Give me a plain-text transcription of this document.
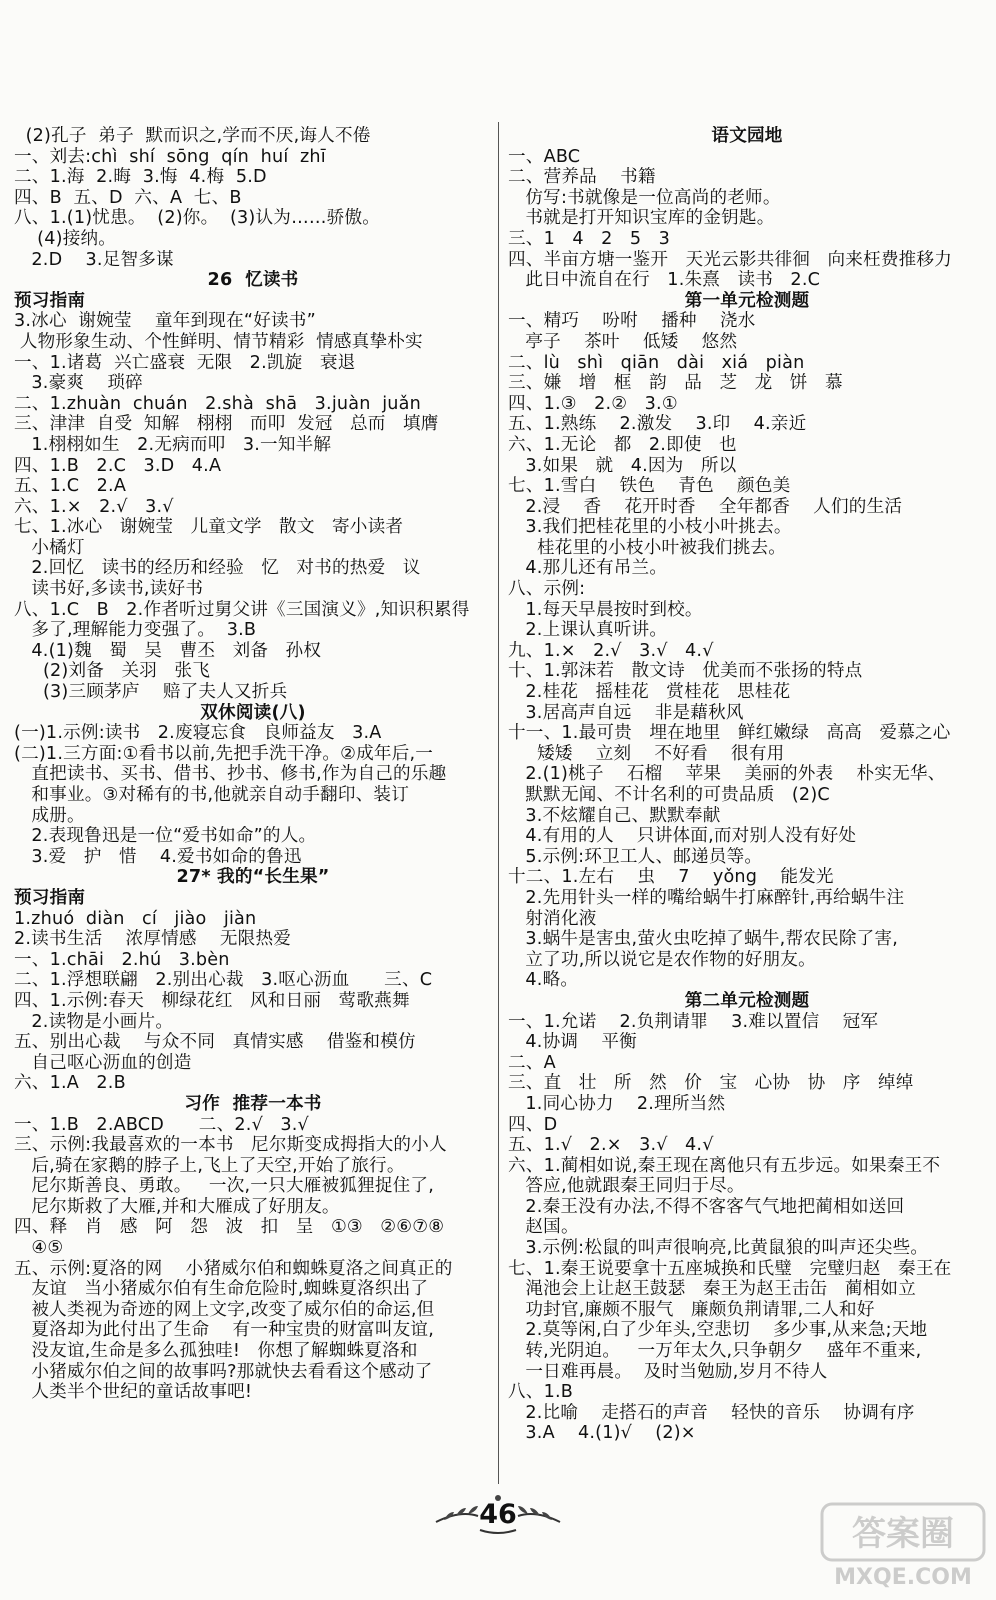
(2)孔子  弟子  默而识之,学而不厌,诲人不倦
一、刘去:chì  shí  sōng  qín  huí  zhī
二、1.海  2.晦  3.悔  4.梅  5.D
四、B  五、D  六、A  七、B
八、1.(1)忧患。  (2)你。  (3)认为……骄傲。
(4)接纳。
2.D    3.足智多谋
26  忆读书
预习指南
3.冰心  谢婉莹    童年到现在“好读书”
人物形象生动、个性鲜明、情节精彩  情感真挚朴实
一、1.诸葛  兴亡盛衰  无限   2.凯旋   衰退
3.豪爽    琐碎
二、1.zhuàn  chuán   2.shà  shā   3.juàn  juǎn
三、津津  自受  知解   栩栩   而叩  发冠   总而   填膺
1.栩栩如生   2.无病而叩   3.一知半解
四、1.B   2.C   3.D   4.A
五、1.C   2.A
六、1.×   2.√   3.√
七、1.冰心   谢婉莹   儿童文学   散文   寄小读者
小橘灯
2.回忆   读书的经历和经验   忆   对书的热爱   议
读书好,多读书,读好书
八、1.C   B   2.作者听过舅父讲《三国演义》,知识积累得
多了,理解能力变强了。  3.B
4.(1)魏   蜀   吴   曹丕   刘备   孙权
(2)刘备   关羽   张飞
(3)三顾茅庐    赔了夫人又折兵
双休阅读(八)
(一)1.示例:读书   2.废寝忘食   良师益友   3.A
(二)1.三方面:①看书以前,先把手洗干净。②成年后,一
直把读书、买书、借书、抄书、修书,作为自己的乐趣
和事业。③对稀有的书,他就亲自动手翻印、装订
成册。
2.表现鲁迅是一位“爱书如命”的人。
3.爱   护   惜    4.爱书如命的鲁迅
27* 我的“长生果”
预习指南
1.zhuó  diàn   cí   jiào   jiàn
2.读书生活    浓厚情感    无限热爱
一、1.chāi   2.hú   3.bèn
二、1.浮想联翩   2.别出心裁   3.呕心沥血      三、C
四、1.示例:春天   柳绿花红   风和日丽   莺歌燕舞
2.读物是小画片。
五、别出心裁    与众不同   真情实感    借鉴和模仿
自己呕心沥血的创造
六、1.A   2.B
习作  推荐一本书
一、1.B   2.ABCD      二、2.√   3.√
三、示例:我最喜欢的一本书   尼尔斯变成拇指大的小人
后,骑在家鹅的脖子上,飞上了天空,开始了旅行。
尼尔斯善良、勇敢。   一次,一只大雁被狐狸捉住了,
尼尔斯救了大雁,并和大雁成了好朋友。
四、释   肖   感   阿   怨   波   扣   呈   ①③   ②⑥⑦⑧
④⑤
五、示例:夏洛的网    小猪威尔伯和蜘蛛夏洛之间真正的
友谊   当小猪威尔伯有生命危险时,蜘蛛夏洛织出了
被人类视为奇迹的网上文字,改变了威尔伯的命运,但
夏洛却为此付出了生命    有一种宝贵的财富叫友谊,
没友谊,生命是多么孤独哇!   你想了解蜘蛛夏洛和
小猪威尔伯之间的故事吗?那就快去看看这个感动了
人类半个世纪的童话故事吧!
语文园地
一、ABC
二、营养品    书籍
仿写:书就像是一位高尚的老师。
书就是打开知识宝库的金钥匙。
三、1   4   2   5   3
四、半亩方塘一鉴开   天光云影共徘徊   向来枉费推移力
此日中流自在行   1.朱熹   读书   2.C
第一单元检测题
一、精巧    吩咐    播种    浇水
亭子    茶叶    低矮    悠然
二、lù   shì   qiān   dài   xiá   piàn
三、嫌   增   框   韵   品   芝   龙   饼   慕
四、1.③   2.②   3.①
五、1.熟练    2.激发    3.印    4.亲近
六、1.无论   都   2.即使   也
3.如果   就   4.因为   所以
七、1.雪白    铁色    青色    颜色美
2.浸    香    花开时香    全年都香    人们的生活
3.我们把桂花里的小枝小叶挑去。
桂花里的小枝小叶被我们挑去。
4.那儿还有吊兰。
八、示例:
1.每天早晨按时到校。
2.上课认真听讲。
九、1.×   2.√   3.√   4.√
十、1.郭沫若   散文诗   优美而不张扬的特点
2.桂花   摇桂花   赏桂花   思桂花
3.居高声自远    非是藉秋风
十一、1.最可贵   埋在地里   鲜红嫩绿   高高   爱慕之心
矮矮    立刻    不好看    很有用
2.(1)桃子    石榴    苹果    美丽的外表    朴实无华、
默默无闻、不计名利的可贵品质   (2)C
3.不炫耀自己、默默奉献
4.有用的人    只讲体面,而对别人没有好处
5.示例:环卫工人、邮递员等。
十二、1.左右    虫    7    yǒng    能发光
2.先用针头一样的嘴给蜗牛打麻醉针,再给蜗牛注
射消化液
3.蜗牛是害虫,萤火虫吃掉了蜗牛,帮农民除了害,
立了功,所以说它是农作物的好朋友。
4.略。
第二单元检测题
一、1.允诺    2.负荆请罪    3.难以置信    冠军
4.协调    平衡
二、A
三、直   壮   所   然   价   宝   心协   协   序   绰绰
1.同心协力    2.理所当然
四、D
五、1.√   2.×   3.√   4.√
六、1.蔺相如说,秦王现在离他只有五步远。如果秦王不
答应,他就跟秦王同归于尽。
2.秦王没有办法,不得不客客气气地把蔺相如送回
赵国。
3.示例:松鼠的叫声很响亮,比黄鼠狼的叫声还尖些。
七、1.秦王说要拿十五座城换和氏璧   完璧归赵   秦王在
渑池会上让赵王鼓瑟   秦王为赵王击缶   蔺相如立
功封官,廉颇不服气   廉颇负荆请罪,二人和好
2.莫等闲,白了少年头,空悲切    多少事,从来急;天地
转,光阴迫。   一万年太久,只争朝夕    盛年不重来,
一日难再晨。  及时当勉励,岁月不待人
八、1.B
2.比喻    走搭石的声音    轻快的音乐    协调有序
3.A    4.(1)√    (2)×
46	答案圈
MXQE.COM
